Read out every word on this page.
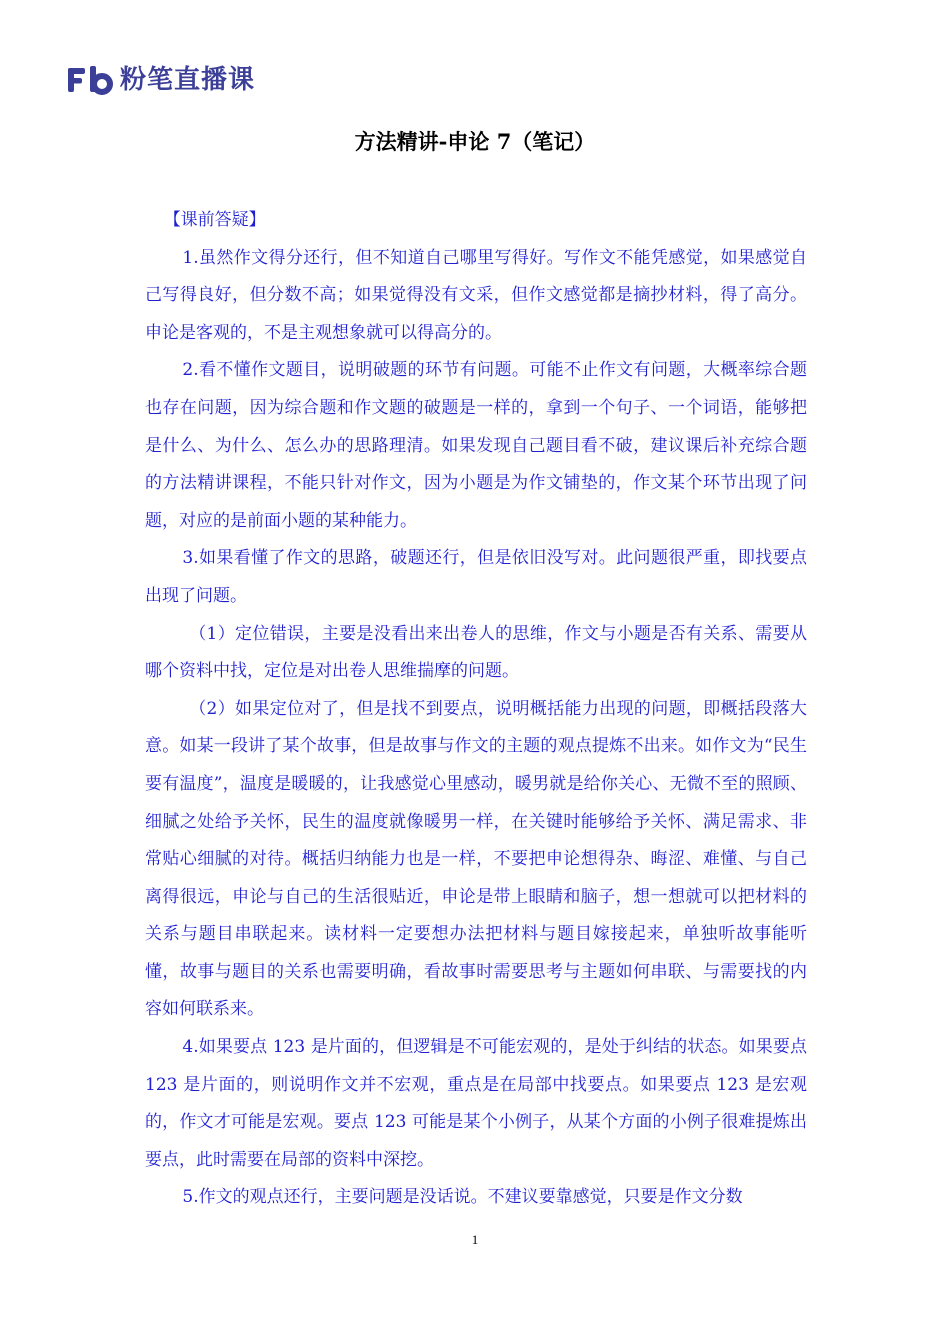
粉笔直播课
方法精讲-申论 7（笔记）

【课前答疑】

1.虽然作文得分还行，但不知道自己哪里写得好。写作文不能凭感觉，如果感觉自己写得良好，但分数不高；如果觉得没有文采，但作文感觉都是摘抄材料，得了高分。申论是客观的，不是主观想象就可以得高分的。

2.看不懂作文题目，说明破题的环节有问题。可能不止作文有问题，大概率综合题也存在问题，因为综合题和作文题的破题是一样的，拿到一个句子、一个词语，能够把是什么、为什么、怎么办的思路理清。如果发现自己题目看不破，建议课后补充综合题的方法精讲课程，不能只针对作文，因为小题是为作文铺垫的，作文某个环节出现了问题，对应的是前面小题的某种能力。

3.如果看懂了作文的思路，破题还行，但是依旧没写对。此问题很严重，即找要点出现了问题。

（1）定位错误，主要是没看出来出卷人的思维，作文与小题是否有关系、需要从哪个资料中找，定位是对出卷人思维揣摩的问题。

（2）如果定位对了，但是找不到要点，说明概括能力出现的问题，即概括段落大意。如某一段讲了某个故事，但是故事与作文的主题的观点提炼不出来。如作文为“民生要有温度”，温度是暖暖的，让我感觉心里感动，暖男就是给你关心、无微不至的照顾、细腻之处给予关怀，民生的温度就像暖男一样，在关键时能够给予关怀、满足需求、非常贴心细腻的对待。概括归纳能力也是一样，不要把申论想得杂、晦涩、难懂、与自己离得很远，申论与自己的生活很贴近，申论是带上眼睛和脑子，想一想就可以把材料的关系与题目串联起来。读材料一定要想办法把材料与题目嫁接起来，单独听故事能听懂，故事与题目的关系也需要明确，看故事时需要思考与主题如何串联、与需要找的内容如何联系来。

4.如果要点 123 是片面的，但逻辑是不可能宏观的，是处于纠结的状态。如果要点 123 是片面的，则说明作文并不宏观，重点是在局部中找要点。如果要点 123 是宏观的，作文才可能是宏观。要点 123 可能是某个小例子，从某个方面的小例子很难提炼出要点，此时需要在局部的资料中深挖。

5.作文的观点还行，主要问题是没话说。不建议要靠感觉，只要是作文分数

1
